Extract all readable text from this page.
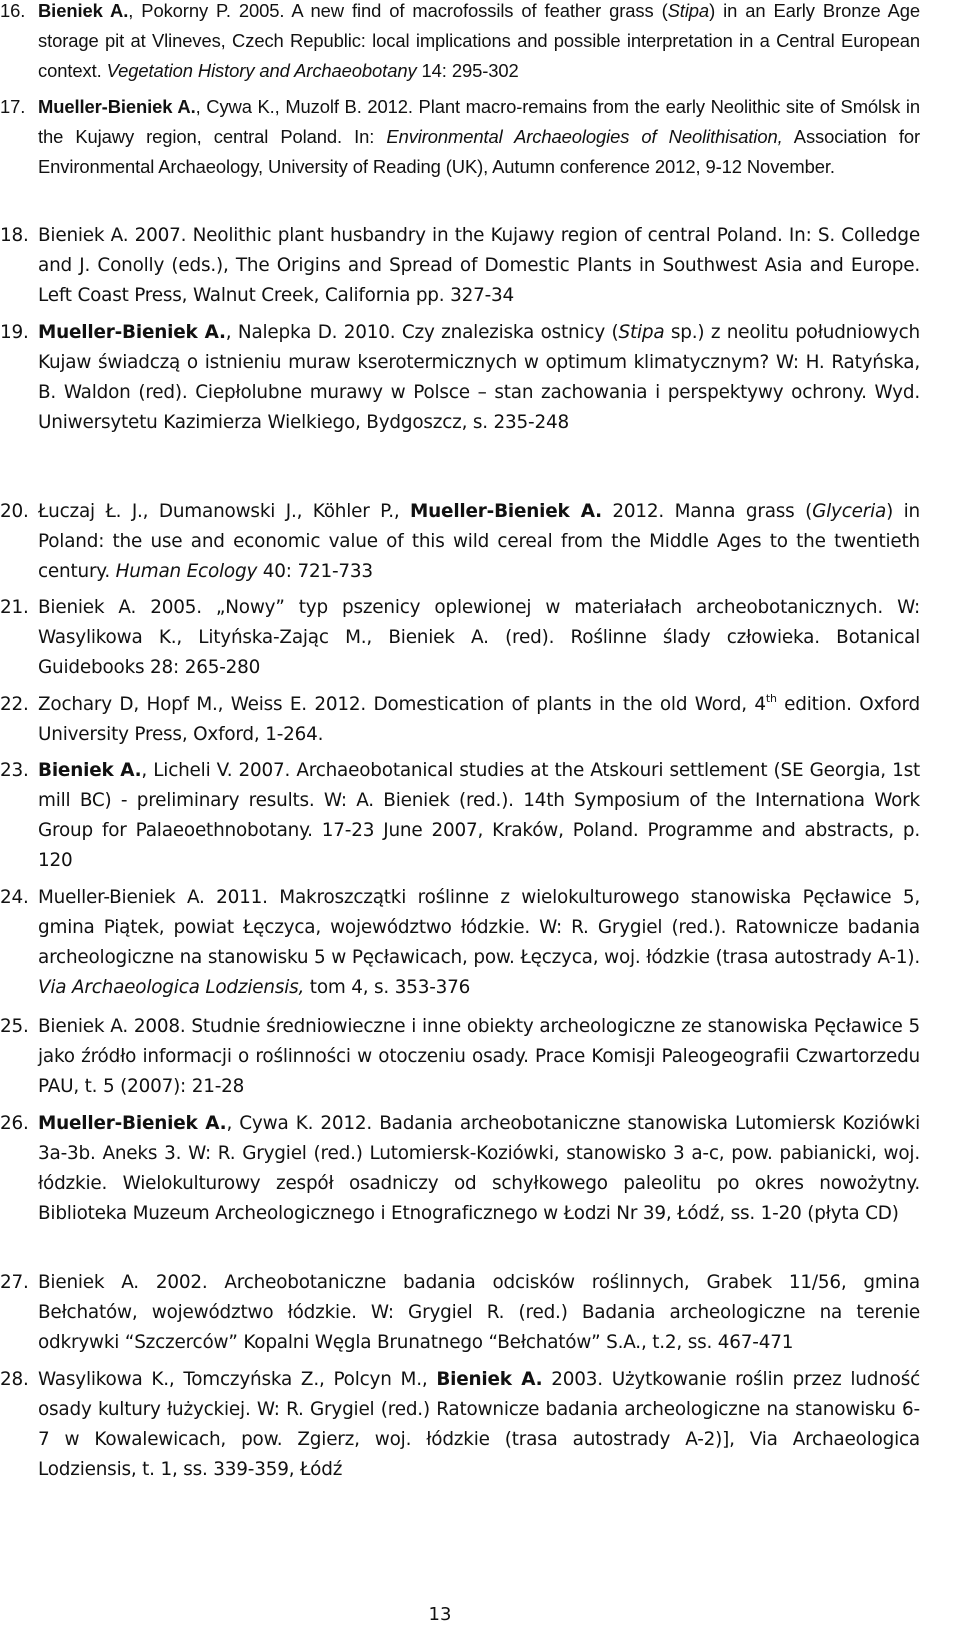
16. Bieniek A., Pokorny P. 2005. A new find of macrofossils of feather grass (Stipa) in an Early Bronze Age storage pit at Vlineves, Czech Republic: local implications and possible interpretation in a Central European context. Vegetation History and Archaeobotany 14: 295-302
17. Mueller-Bieniek A., Cywa K., Muzolf B. 2012. Plant macro-remains from the early Neolithic site of Smólsk in the Kujawy region, central Poland. In: Environmental Archaeologies of Neolithisation, Association for Environmental Archaeology, University of Reading (UK), Autumn conference 2012, 9-12 November.
18. Bieniek A. 2007. Neolithic plant husbandry in the Kujawy region of central Poland. In: S. Colledge and J. Conolly (eds.), The Origins and Spread of Domestic Plants in Southwest Asia and Europe. Left Coast Press, Walnut Creek, California pp. 327-34
19. Mueller-Bieniek A., Nalepka D. 2010. Czy znaleziska ostnicy (Stipa sp.) z neolitu południowych Kujaw świadczą o istnieniu muraw kserotermicznych w optimum klimatycznym? W: H. Ratyńska, B. Waldon (red). Ciepłolubne murawy w Polsce – stan zachowania i perspektywy ochrony. Wyd. Uniwersytetu Kazimierza Wielkiego, Bydgoszcz, s. 235-248
20. Łuczaj Ł. J., Dumanowski J., Köhler P., Mueller-Bieniek A. 2012. Manna grass (Glyceria) in Poland: the use and economic value of this wild cereal from the Middle Ages to the twentieth century. Human Ecology 40: 721-733
21. Bieniek A. 2005. „Nowy” typ pszenicy oplewionej w materiałach archeobotanicznych. W: Wasylikowa K., Lityńska-Zając M., Bieniek A. (red). Roślinne ślady człowieka. Botanical Guidebooks 28: 265-280
22. Zochary D, Hopf M., Weiss E. 2012. Domestication of plants in the old Word, 4th edition. Oxford University Press, Oxford, 1-264.
23. Bieniek A., Licheli V. 2007. Archaeobotanical studies at the Atskouri settlement (SE Georgia, 1st mill BC) - preliminary results. W: A. Bieniek (red.). 14th Symposium of the Internationa Work Group for Palaeoethnobotany. 17-23 June 2007, Kraków, Poland. Programme and abstracts, p. 120
24. Mueller-Bieniek A. 2011. Makroszczątki roślinne z wielokulturowego stanowiska Pęcławice 5, gmina Piątek, powiat Łęczyca, województwo łódzkie. W: R. Grygiel (red.). Ratownicze badania archeologiczne na stanowisku 5 w Pęcławicach, pow. Łęczyca, woj. łódzkie (trasa autostrady A-1). Via Archaeologica Lodziensis, tom 4, s. 353-376
25. Bieniek A. 2008. Studnie średniowieczne i inne obiekty archeologiczne ze stanowiska Pęcławice 5 jako źródło informacji o roślinności w otoczeniu osady. Prace Komisji Paleogeografii Czwartorzedu PAU, t. 5 (2007): 21-28
26. Mueller-Bieniek A., Cywa K. 2012. Badania archeobotaniczne stanowiska Lutomiersk Koziówki 3a-3b. Aneks 3. W: R. Grygiel (red.) Lutomiersk-Koziówki, stanowisko 3 a-c, pow. pabianicki, woj. łódzkie. Wielokulturowy zespół osadniczy od schyłkowego paleolitu po okres nowożytny. Biblioteka Muzeum Archeologicznego i Etnograficznego w Łodzi Nr 39, Łódź, ss. 1-20 (płyta CD)
27. Bieniek A. 2002. Archeobotaniczne badania odcisków roślinnych, Grabek 11/56, gmina Bełchatów, województwo łódzkie. W: Grygiel R. (red.) Badania archeologiczne na terenie odkrywki “Szczerców” Kopalni Węgla Brunatnego “Bełchatów” S.A., t.2, ss. 467-471
28. Wasylikowa K., Tomczyńska Z., Polcyn M., Bieniek A. 2003. Użytkowanie roślin przez ludność osady kultury łużyckiej. W: R. Grygiel (red.) Ratownicze badania archeologiczne na stanowisku 6-7 w Kowalewicach, pow. Zgierz, woj. łódzkie (trasa autostrady A-2)], Via Archaeologica Lodziensis, t. 1, ss. 339-359, Łódź
13
